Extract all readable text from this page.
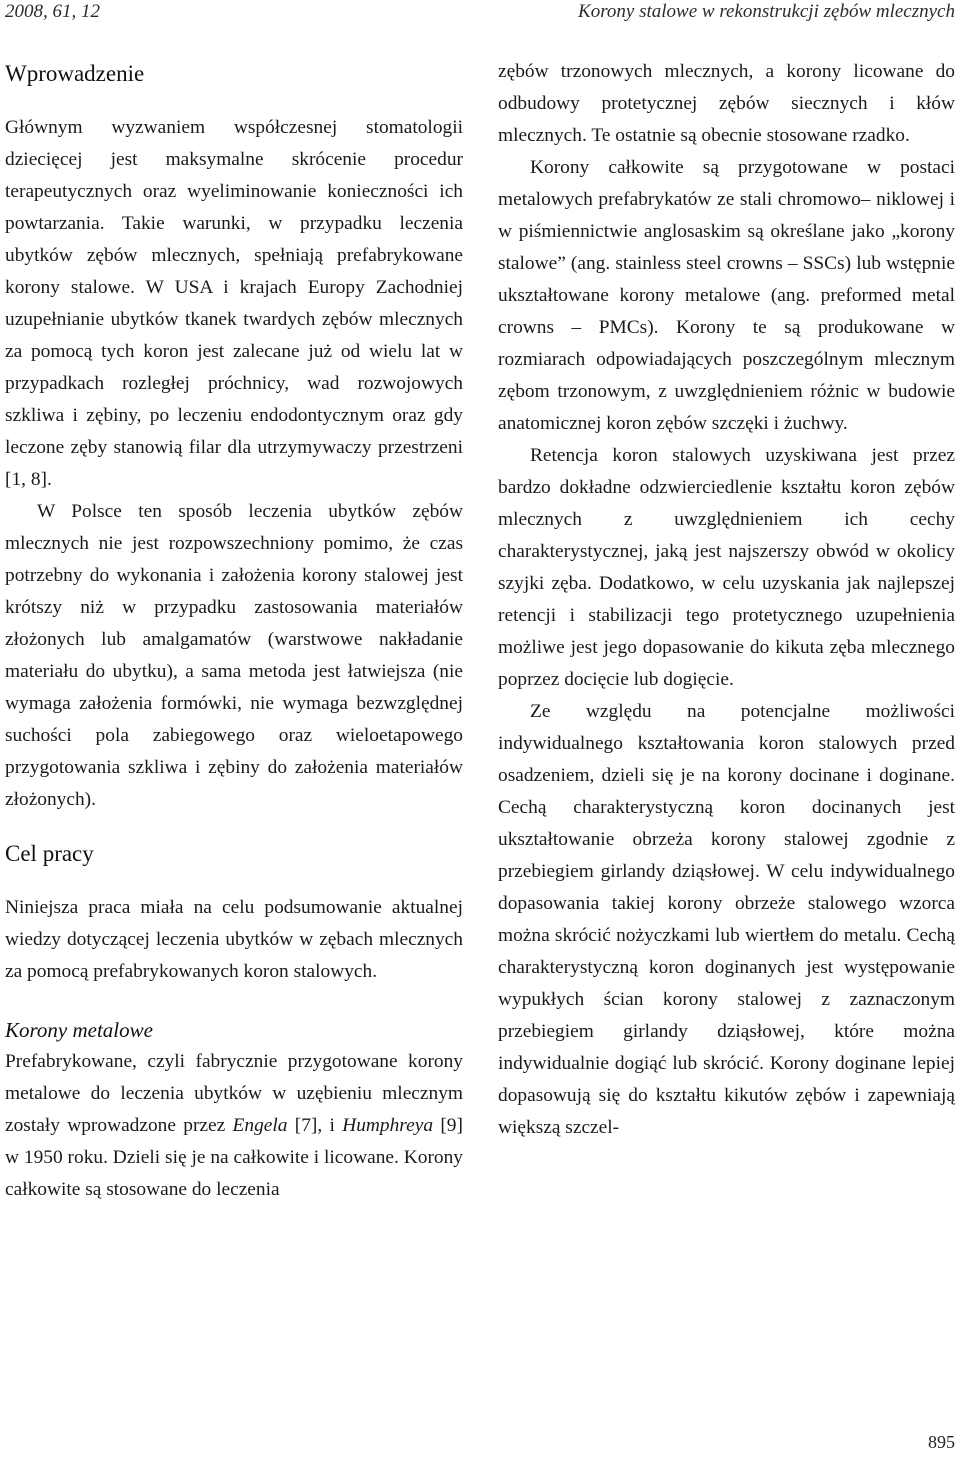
2008, 61, 12	Korony stalowe w rekonstrukcji zębów mlecznych
Wprowadzenie

Głównym wyzwaniem współczesnej stomatologii dziecięcej jest maksymalne skrócenie procedur terapeutycznych oraz wyeliminowanie konieczności ich powtarzania. Takie warunki, w przypadku leczenia ubytków zębów mlecznych, spełniają prefabrykowane korony stalowe. W USA i krajach Europy Zachodniej uzupełnianie ubytków tkanek twardych zębów mlecznych za pomocą tych koron jest zalecane już od wielu lat w przypadkach rozległej próchnicy, wad rozwojowych szkliwa i zębiny, po leczeniu endodontycznym oraz gdy leczone zęby stanowią filar dla utrzymywaczy przestrzeni [1, 8].

W Polsce ten sposób leczenia ubytków zębów mlecznych nie jest rozpowszechniony pomimo, że czas potrzebny do wykonania i założenia korony stalowej jest krótszy niż w przypadku zastosowania materiałów złożonych lub amalgamatów (warstwowe nakładanie materiału do ubytku), a sama metoda jest łatwiejsza (nie wymaga założenia formówki, nie wymaga bezwzględnej suchości pola zabiegowego oraz wieloetapowego przygotowania szkliwa i zębiny do założenia materiałów złożonych).

Cel pracy

Niniejsza praca miała na celu podsumowanie aktualnej wiedzy dotyczącej leczenia ubytków w zębach mlecznych za pomocą prefabrykowanych koron stalowych.

Korony metalowe

Prefabrykowane, czyli fabrycznie przygotowane korony metalowe do leczenia ubytków w uzębieniu mlecznym zostały wprowadzone przez Engela [7], i Humphreya [9] w 1950 roku. Dzieli się je na całkowite i licowane. Korony całkowite są stosowane do leczenia

zębów trzonowych mlecznych, a korony licowane do odbudowy protetycznej zębów siecznych i kłów mlecznych. Te ostatnie są obecnie stosowane rzadko.

Korony całkowite są przygotowane w postaci metalowych prefabrykatów ze stali chromowo– niklowej i w piśmiennictwie anglosaskim są określane jako „korony stalowe” (ang. stainless steel crowns – SSCs) lub wstępnie ukształtowane korony metalowe (ang. preformed metal crowns – PMCs). Korony te są produkowane w rozmiarach odpowiadających poszczególnym mlecznym zębom trzonowym, z uwzględnieniem różnic w budowie anatomicznej koron zębów szczęki i żuchwy.

Retencja koron stalowych uzyskiwana jest przez bardzo dokładne odzwierciedlenie kształtu koron zębów mlecznych z uwzględnieniem ich cechy charakterystycznej, jaką jest najszerszy obwód w okolicy szyjki zęba. Dodatkowo, w celu uzyskania jak najlepszej retencji i stabilizacji tego protetycznego uzupełnienia możliwe jest jego dopasowanie do kikuta zęba mlecznego poprzez docięcie lub dogięcie.

Ze względu na potencjalne możliwości indywidualnego kształtowania koron stalowych przed osadzeniem, dzieli się je na korony docinane i doginane. Cechą charakterystyczną koron docinanych jest ukształtowanie obrzeża korony stalowej zgodnie z przebiegiem girlandy dziąsłowej. W celu indywidualnego dopasowania takiej korony obrzeże stalowego wzorca można skrócić nożyczkami lub wiertłem do metalu. Cechą charakterystyczną koron doginanych jest występowanie wypukłych ścian korony stalowej z zaznaczonym przebiegiem girlandy dziąsłowej, które można indywidualnie dogiąć lub skrócić. Korony doginane lepiej dopasowują się do kształtu kikutów zębów i zapewniają większą szczel-

895
